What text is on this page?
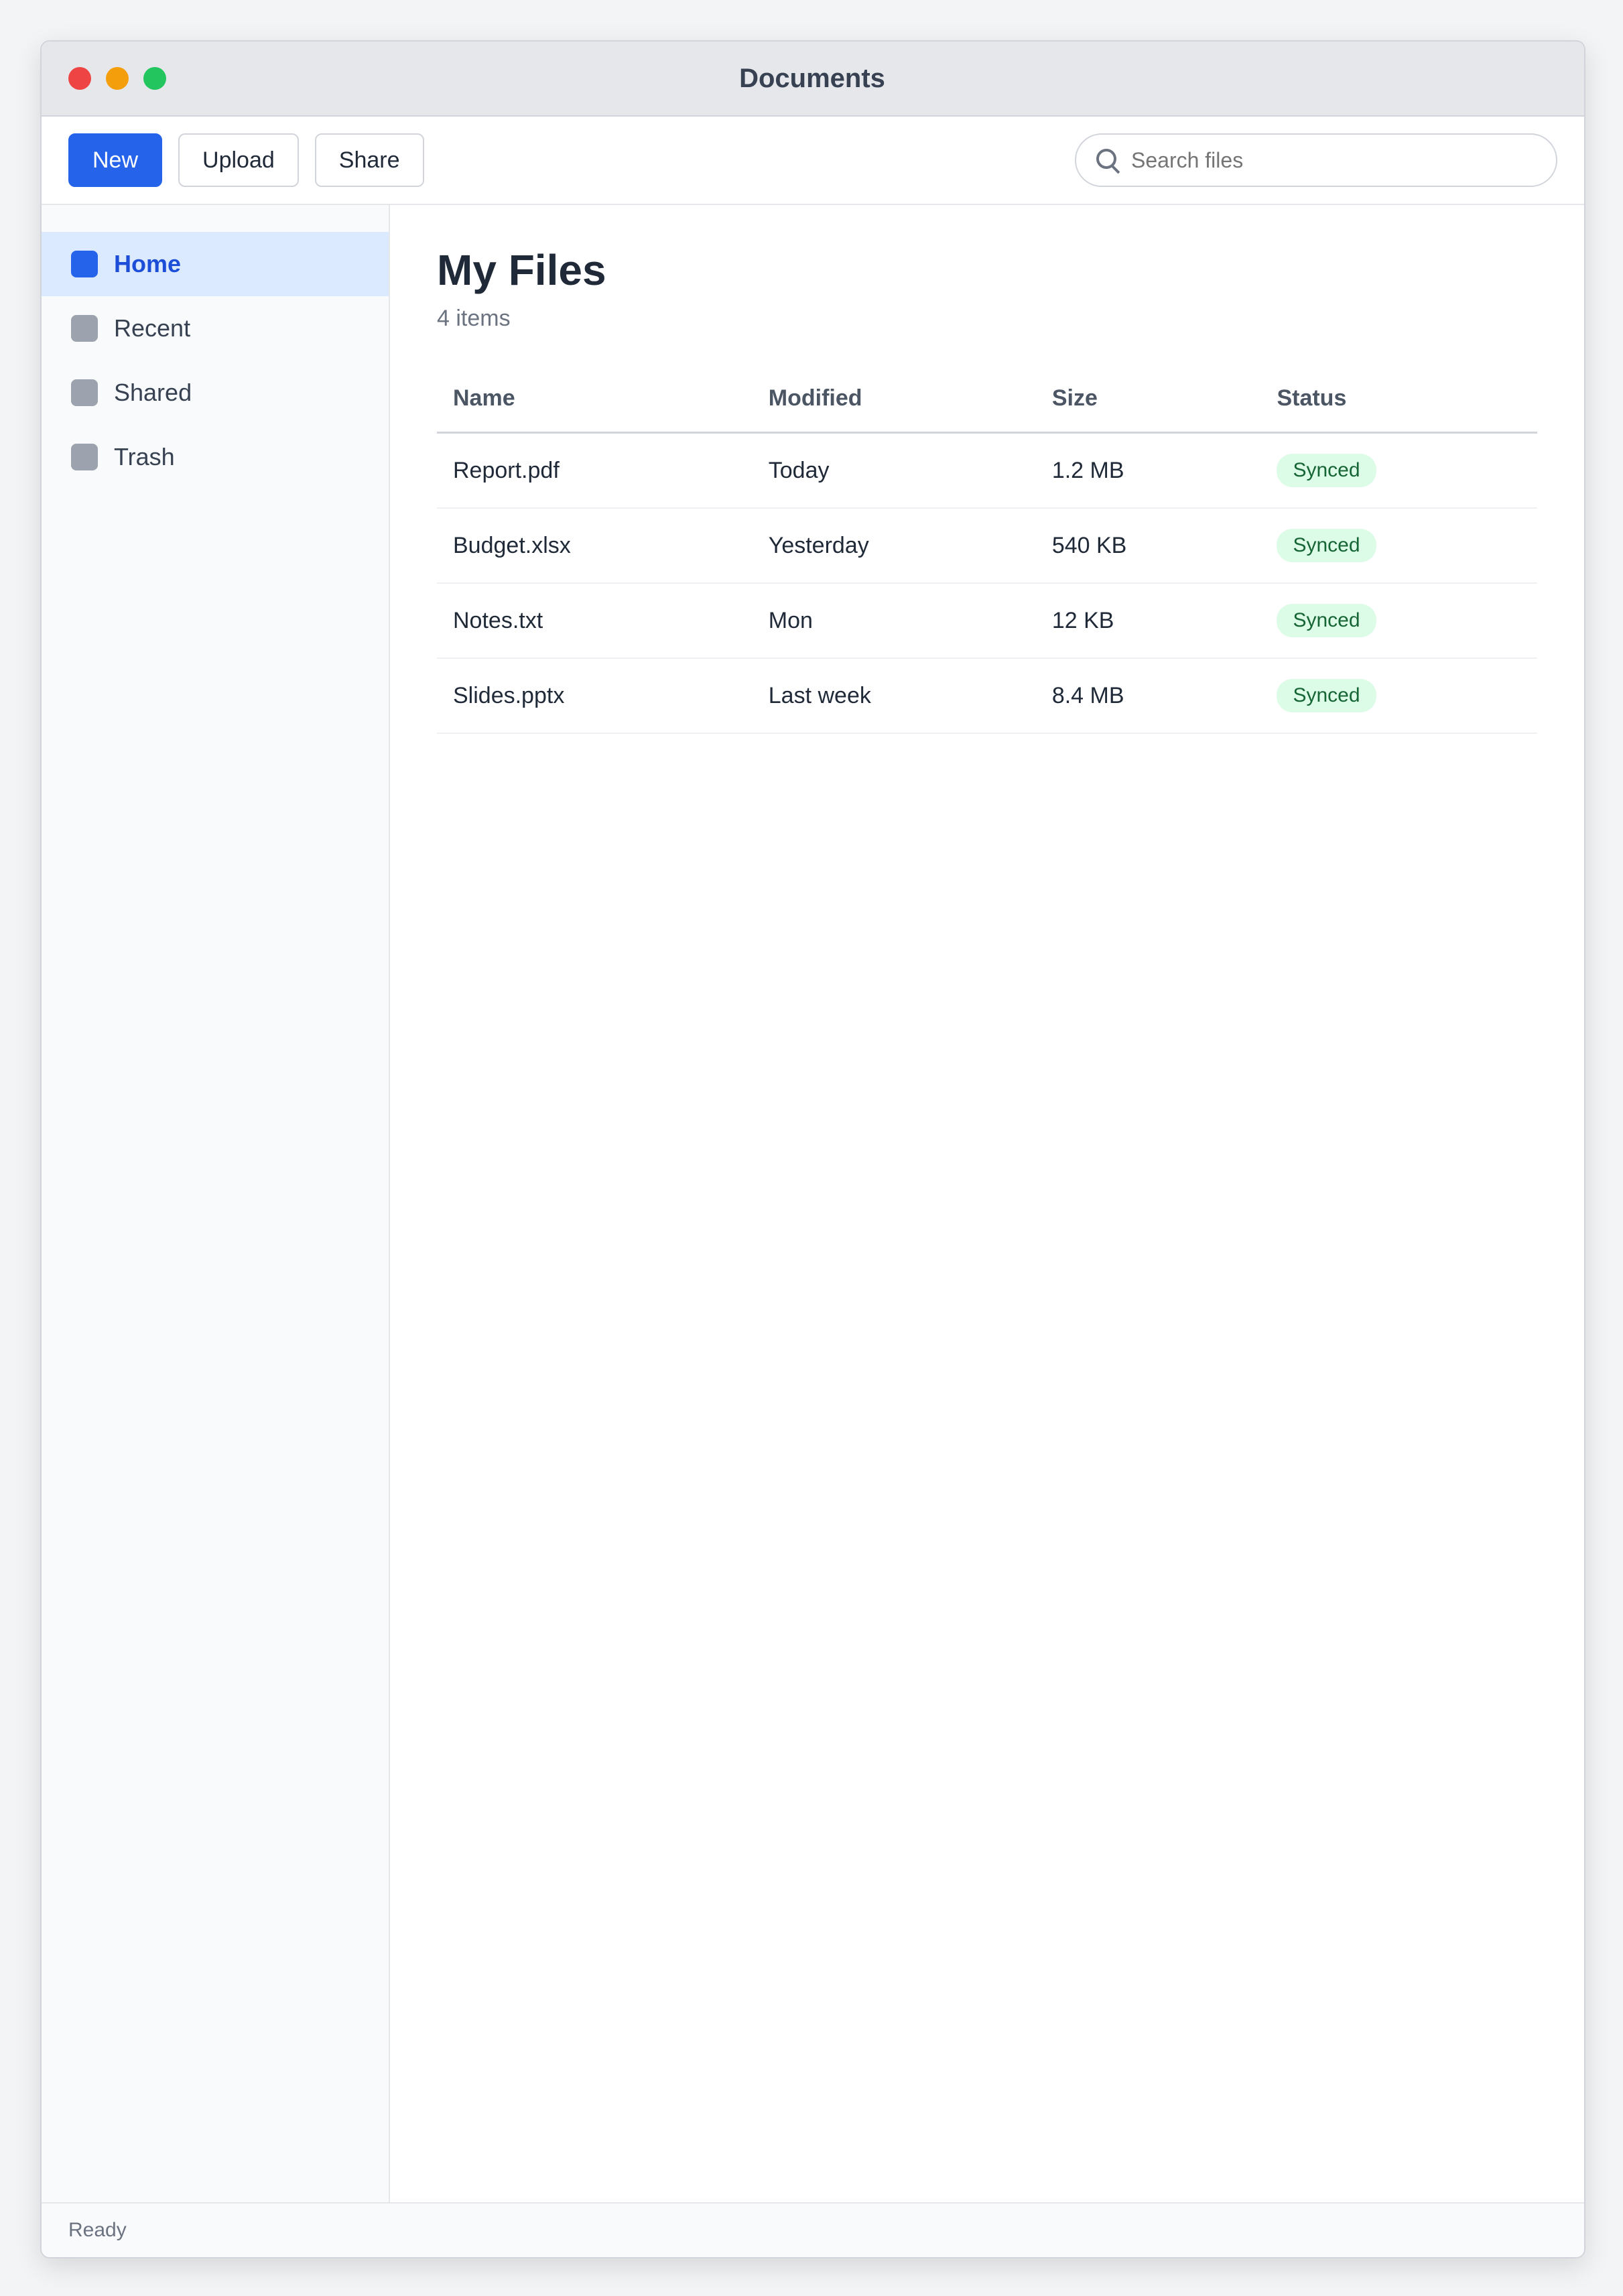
Documents
New	Upload	Share
Search files
Home
Recent
Shared
Trash
My Files

4 items

Name	Modified	Size	Status
Report.pdf	Today	1.2 MB	Synced
Budget.xlsx	Yesterday	540 KB	Synced
Notes.txt	Mon	12 KB	Synced
Slides.pptx	Last week	8.4 MB	Synced
Ready
